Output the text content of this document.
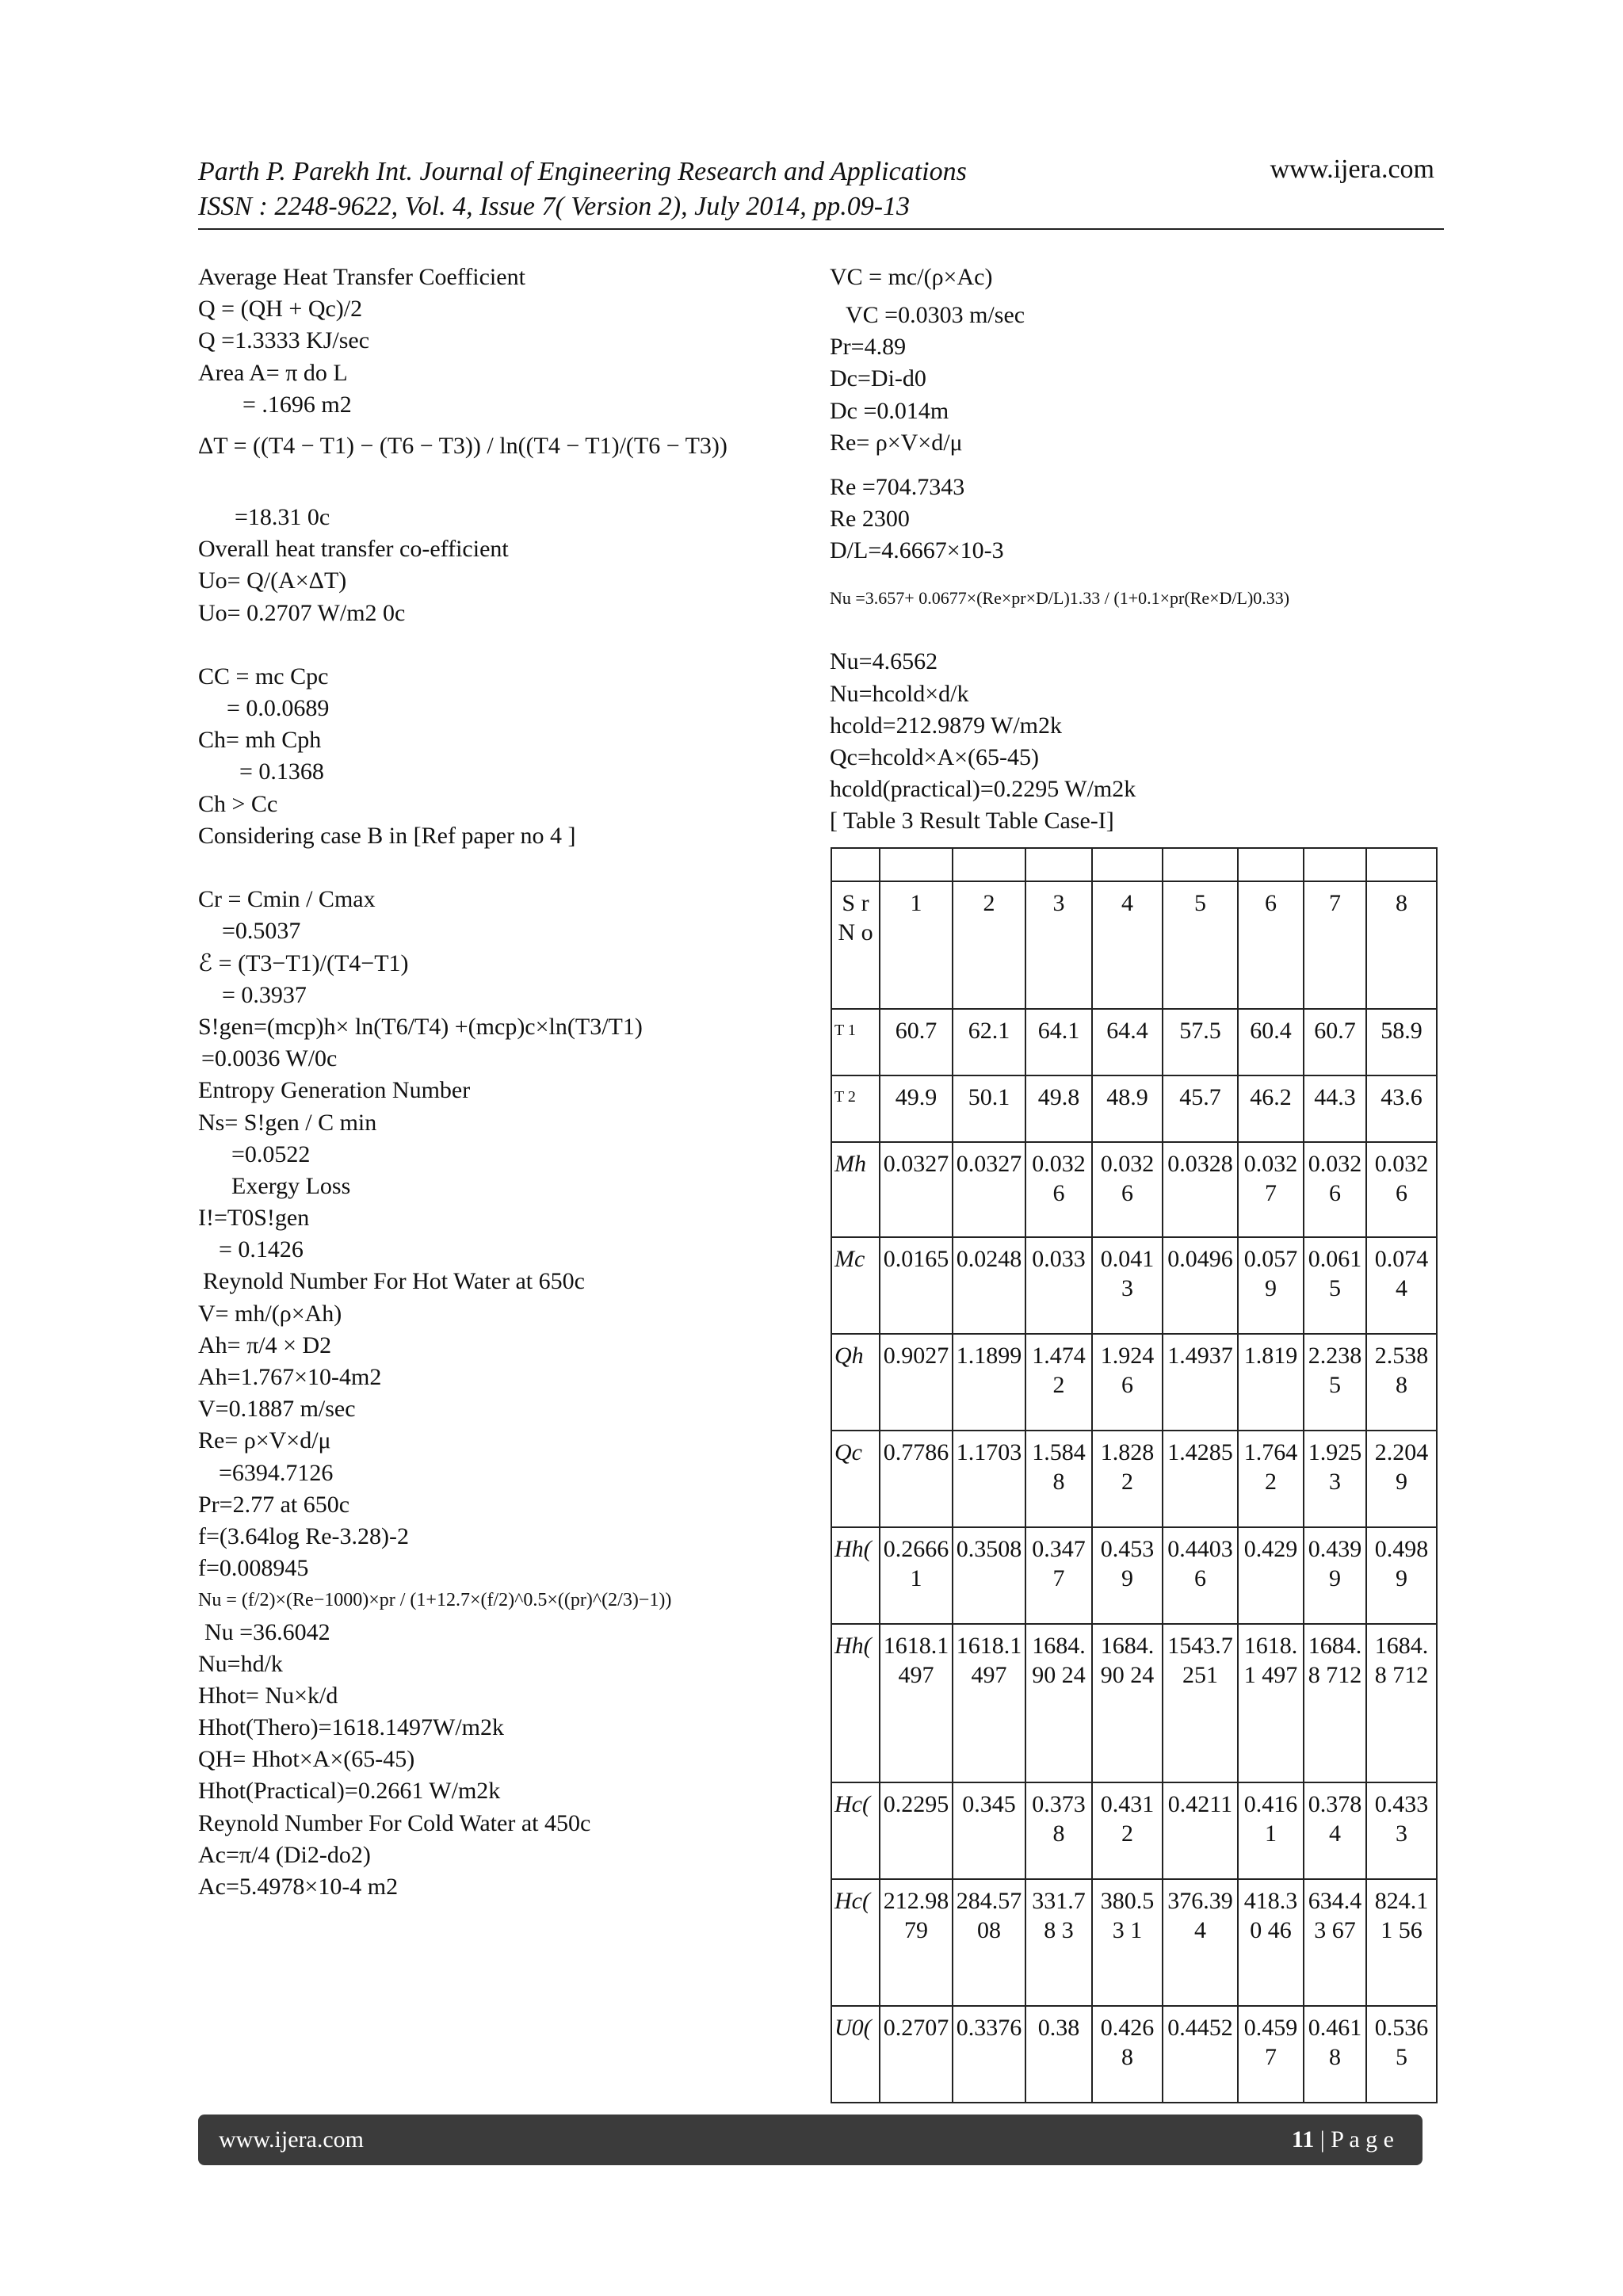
Parth P. Parekh Int. Journal of Engineering Research and Applications
ISSN : 2248-9622, Vol. 4, Issue 7( Version 2), July 2014, pp.09-13
www.ijera.com
Average Heat Transfer Coefficient
Q = (QH + Qc)/2
Q =1.3333 KJ/sec
Area A= π do L
= .1696 m2
ΔT = ((T4 − T1) − (T6 − T3)) / ln((T4 − T1)/(T6 − T3))
=18.31 0c
Overall heat transfer co-efficient
Uo= Q/(A×ΔT)
Uo= 0.2707 W/m2 0c
CC = mc Cpc
= 0.0.0689
Ch= mh Cph
= 0.1368
Ch > Cc
Considering case B in [Ref paper no 4 ]
Cr = Cmin / Cmax
=0.5037
ℰ = (T3−T1)/(T4−T1)
= 0.3937
S!gen=(mcp)h× ln(T6/T4) +(mcp)c×ln(T3/T1)
=0.0036 W/0c
Entropy Generation Number
Ns= S!gen / C min
=0.0522
Exergy Loss
I!=T0S!gen
= 0.1426
Reynold Number For Hot Water at 650c
V= mh/(ρ×Ah)
Ah= π/4 × D2
Ah=1.767×10-4m2
V=0.1887 m/sec
Re= ρ×V×d/μ
=6394.7126
Pr=2.77 at 650c
f=(3.64log Re-3.28)-2
f=0.008945
Nu = (f/2)×(Re−1000)×pr / (1+12.7×(f/2)^0.5×((pr)^(2/3)−1))
Nu =36.6042
Nu=hd/k
Hhot= Nu×k/d
Hhot(Thero)=1618.1497W/m2k
QH= Hhot×A×(65-45)
Hhot(Practical)=0.2661 W/m2k
Reynold Number For Cold Water at 450c
Ac=π/4 (Di2-do2)
Ac=5.4978×10-4 m2
VC = mc/(ρ×Ac)
VC =0.0303 m/sec
Pr=4.89
Dc=Di-d0
Dc =0.014m
Re= ρ×V×d/μ
Re =704.7343
Re 2300
D/L=4.6667×10-3
Nu =3.657+ 0.0677×(Re×pr×D/L)1.33 / (1+0.1×pr(Re×D/L)0.33)
Nu=4.6562
Nu=hcold×d/k
hcold=212.9879 W/m2k
Qc=hcold×A×(65-45)
hcold(practical)=0.2295 W/m2k
[ Table 3 Result Table Case-I]

S r N o	1	2	3	4	5	6	7	8
T 1	60.7	62.1	64.1	64.4	57.5	60.4	60.7	58.9
T 2	49.9	50.1	49.8	48.9	45.7	46.2	44.3	43.6
Mh	0.0327	0.0327	0.0326	0.0326	0.0328	0.0327	0.0326	0.0326
Mc	0.0165	0.0248	0.033	0.0413	0.0496	0.0579	0.0615	0.0744
Qh	0.9027	1.1899	1.4742	1.9246	1.4937	1.819	2.2385	2.5388
Qc	0.7786	1.1703	1.5848	1.8282	1.4285	1.7642	1.9253	2.2049
Hh(	0.2666 1	0.3508	0.3477	0.4539	0.4403 6	0.429	0.4399	0.4989
Hh(	1618.1 497	1618.1 497	1684.90 24	1684.90 24	1543.7 251	1618.1 497	1684.8 712	1684.8 712
Hc(	0.2295	0.345	0.3738	0.4312	0.4211	0.4161	0.3784	0.4333
Hc(	212.98 79	284.57 08	331.78 3	380.53 1	376.39 4	418.30 46	634.43 67	824.11 56
U0(	0.2707	0.3376	0.38	0.4268	0.4452	0.4597	0.4618	0.5365
www.ijera.com	11 | P a g e
